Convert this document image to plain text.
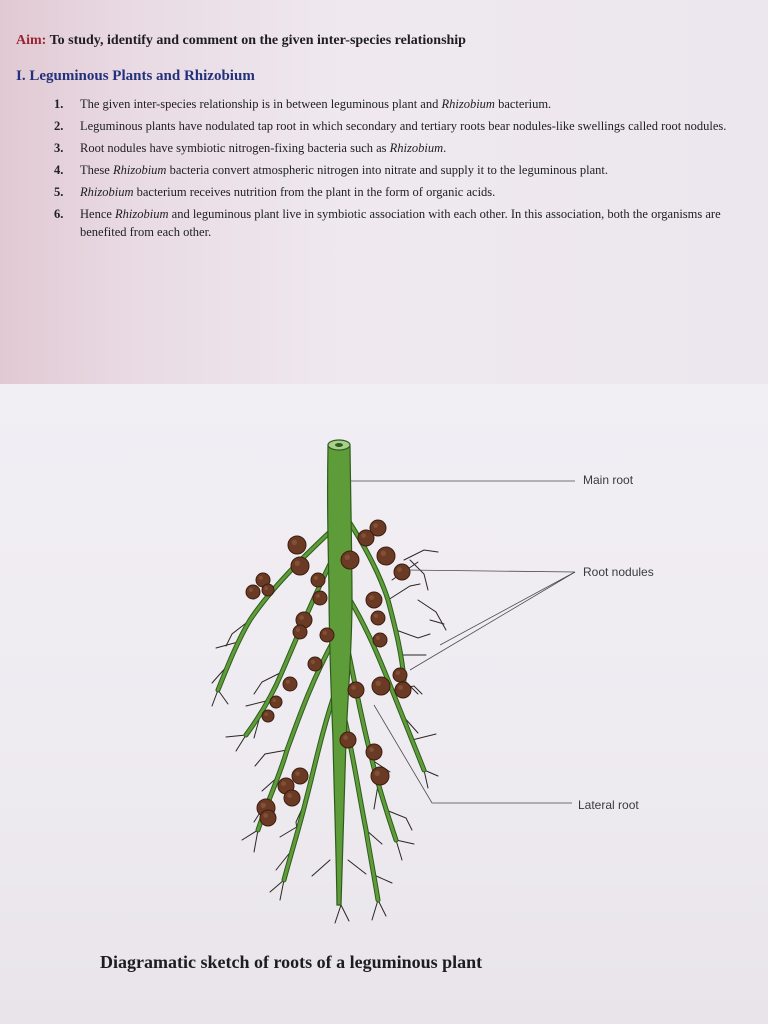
Aim: To study, identify and comment on the given inter-species relationship
I. Leguminous Plants and Rhizobium
1. The given inter-species relationship is in between leguminous plant and Rhizobium bacterium.
2. Leguminous plants have nodulated tap root in which secondary and tertiary roots bear nodules-like swellings called root nodules.
3. Root nodules have symbiotic nitrogen-fixing bacteria such as Rhizobium.
4. These Rhizobium bacteria convert atmospheric nitrogen into nitrate and supply it to the leguminous plant.
5. Rhizobium bacterium receives nutrition from the plant in the form of organic acids.
6. Hence Rhizobium and leguminous plant live in symbiotic association with each other. In this association, both the organisms are benefited from each other.
Main root
Root nodules
Lateral root
Diagramatic sketch of roots of a leguminous plant
